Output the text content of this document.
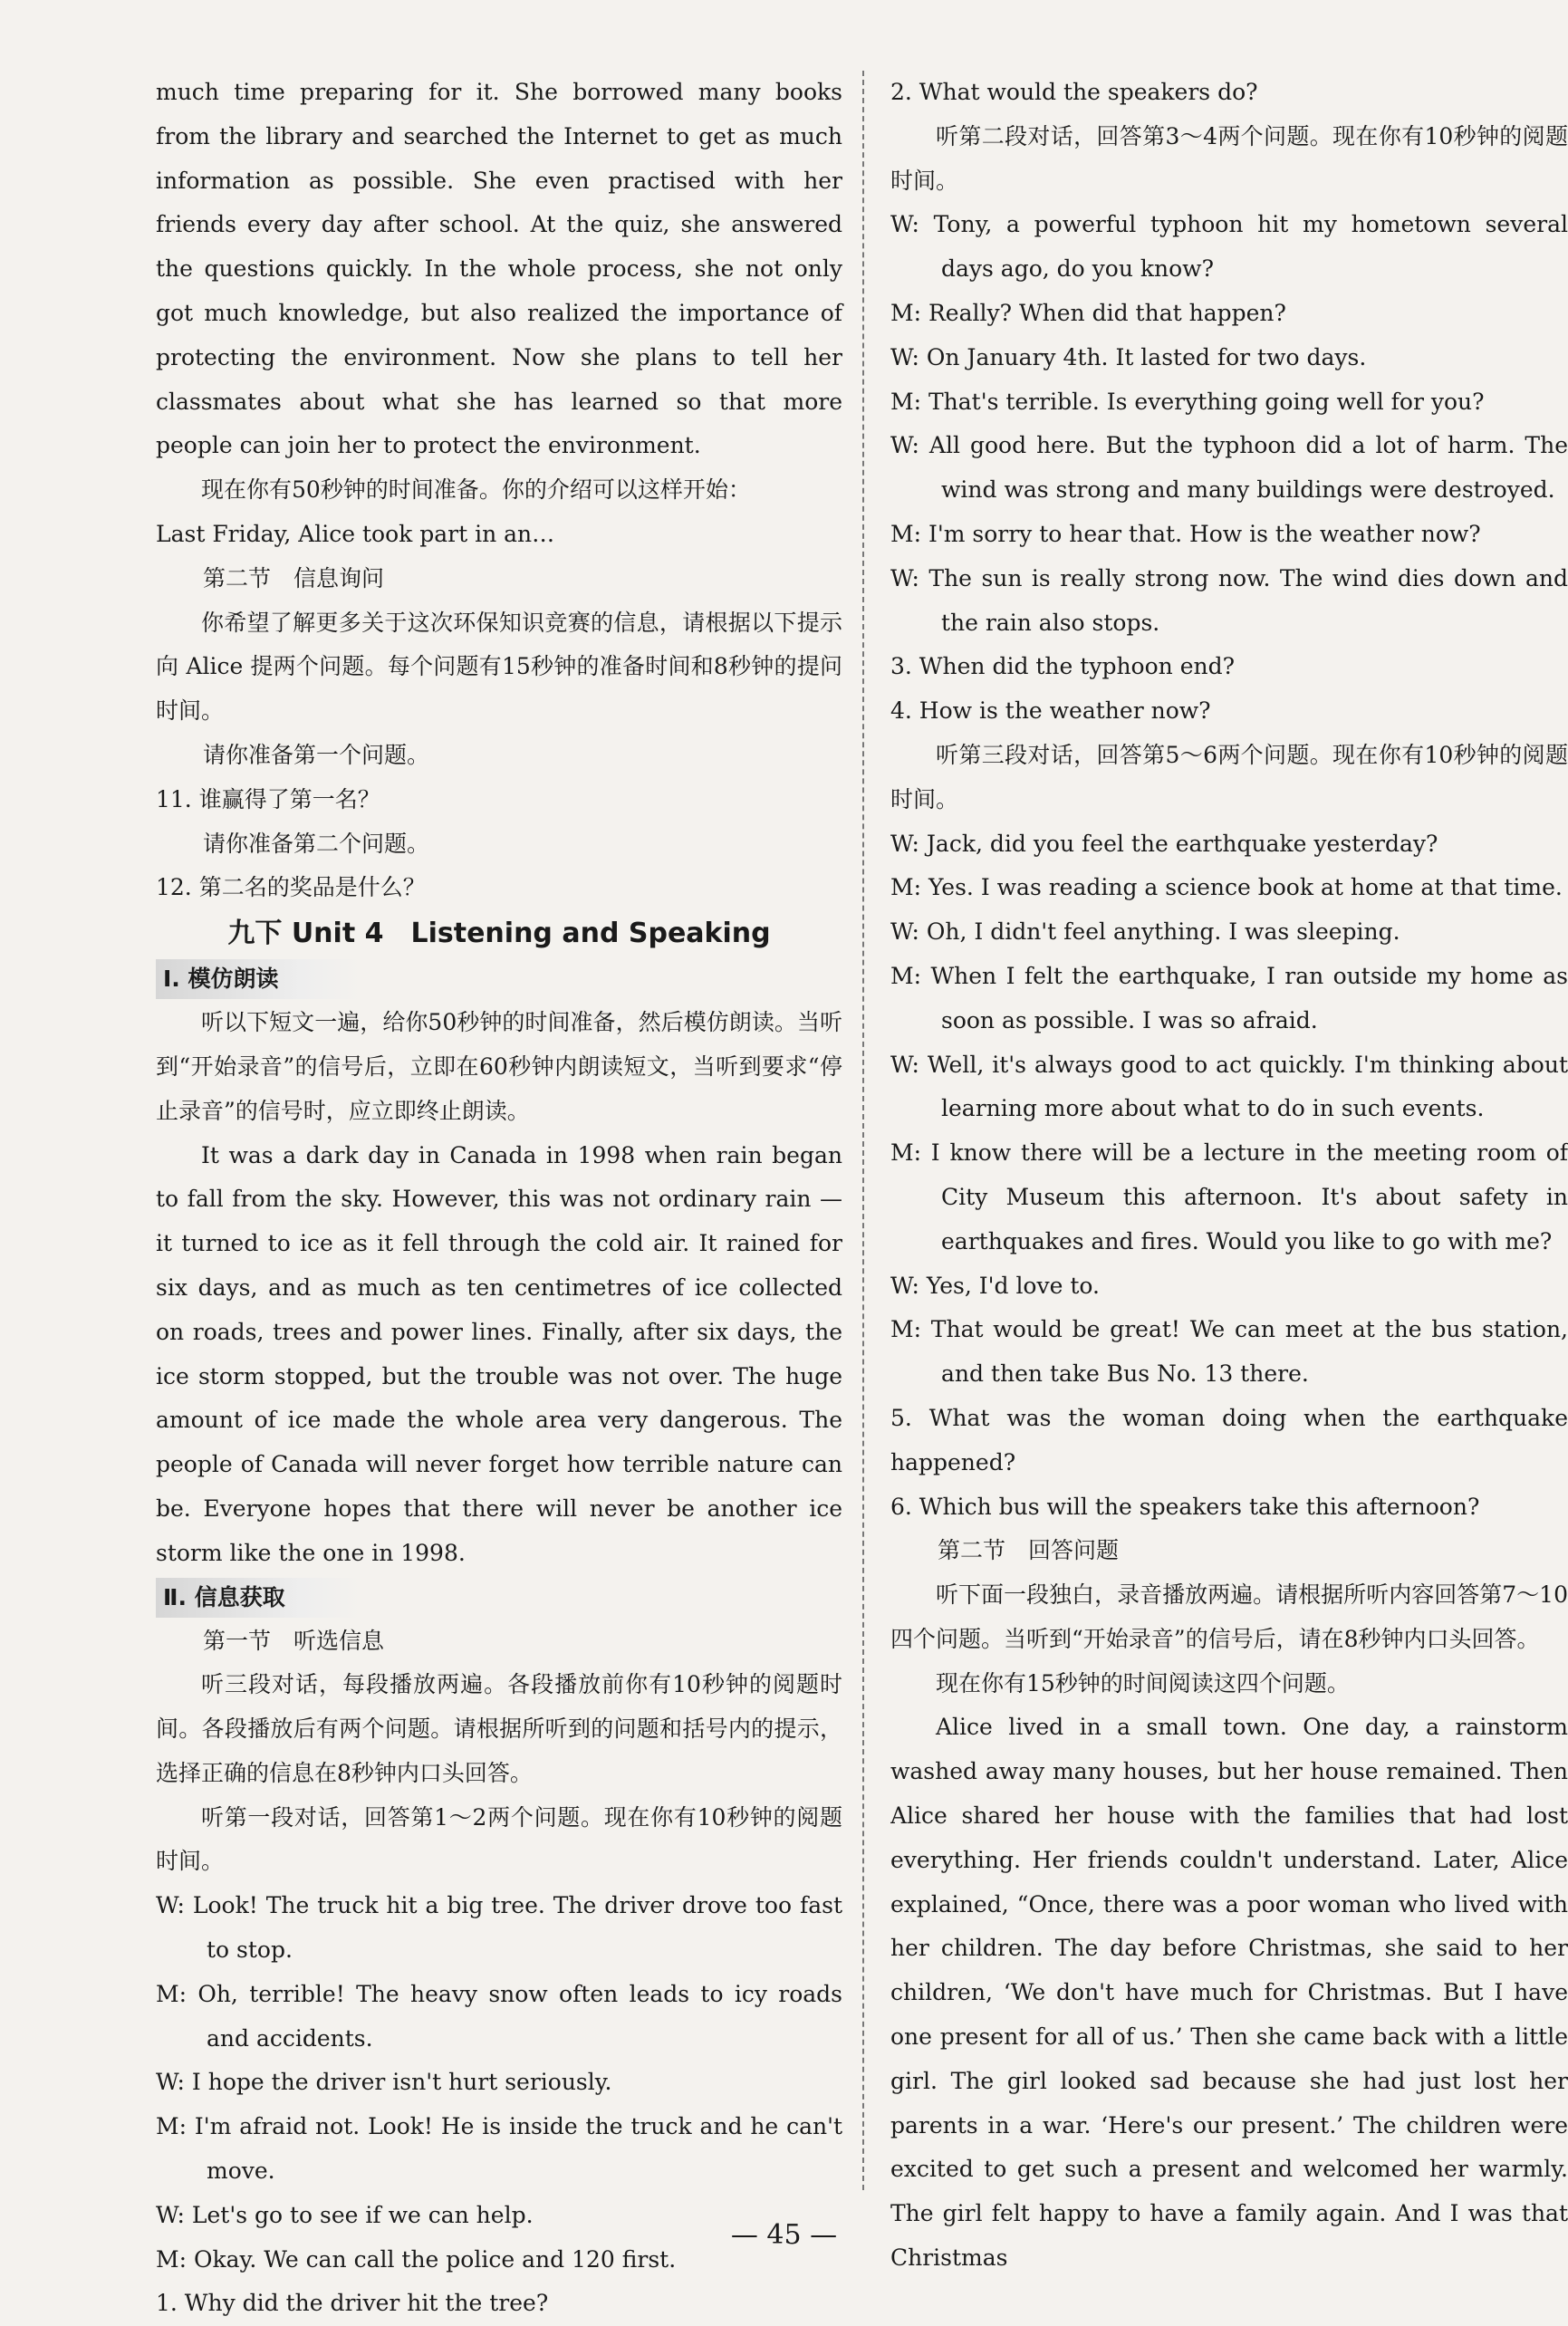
much time preparing for it. She borrowed many books from the library and searched the Internet to get as much information as possible. She even practised with her friends every day after school. At the quiz, she answered the questions quickly. In the whole process, she not only got much knowledge, but also realized the importance of protecting the environment. Now she plans to tell her classmates about what she has learned so that more people can join her to protect the environment.

现在你有50秒钟的时间准备。你的介绍可以这样开始：

Last Friday, Alice took part in an…

第二节　信息询问

你希望了解更多关于这次环保知识竞赛的信息，请根据以下提示向 Alice 提两个问题。每个问题有15秒钟的准备时间和8秒钟的提问时间。

请你准备第一个问题。

11. 谁赢得了第一名？

请你准备第二个问题。

12. 第二名的奖品是什么？

九下 Unit 4　Listening and Speaking
Ⅰ. 模仿朗读

听以下短文一遍，给你50秒钟的时间准备，然后模仿朗读。当听到“开始录音”的信号后，立即在60秒钟内朗读短文，当听到要求“停止录音”的信号时，应立即终止朗读。

It was a dark day in Canada in 1998 when rain began to fall from the sky. However, this was not ordinary rain — it turned to ice as it fell through the cold air. It rained for six days, and as much as ten centimetres of ice collected on roads, trees and power lines. Finally, after six days, the ice storm stopped, but the trouble was not over. The huge amount of ice made the whole area very dangerous. The people of Canada will never forget how terrible nature can be. Everyone hopes that there will never be another ice storm like the one in 1998.

Ⅱ. 信息获取

第一节　听选信息

听三段对话，每段播放两遍。各段播放前你有10秒钟的阅题时间。各段播放后有两个问题。请根据所听到的问题和括号内的提示，选择正确的信息在8秒钟内口头回答。

听第一段对话，回答第1～2两个问题。现在你有10秒钟的阅题时间。

W: Look! The truck hit a big tree. The driver drove too fast to stop.

M: Oh, terrible! The heavy snow often leads to icy roads and accidents.

W: I hope the driver isn't hurt seriously.

M: I'm afraid not. Look! He is inside the truck and he can't move.

W: Let's go to see if we can help.

M: Okay. We can call the police and 120 first.

1. Why did the driver hit the tree?

2. What would the speakers do?

听第二段对话，回答第3～4两个问题。现在你有10秒钟的阅题时间。

W: Tony, a powerful typhoon hit my hometown several days ago, do you know?

M: Really? When did that happen?

W: On January 4th. It lasted for two days.

M: That's terrible. Is everything going well for you?

W: All good here. But the typhoon did a lot of harm. The wind was strong and many buildings were destroyed.

M: I'm sorry to hear that. How is the weather now?

W: The sun is really strong now. The wind dies down and the rain also stops.

3. When did the typhoon end?

4. How is the weather now?

听第三段对话，回答第5～6两个问题。现在你有10秒钟的阅题时间。

W: Jack, did you feel the earthquake yesterday?

M: Yes. I was reading a science book at home at that time.

W: Oh, I didn't feel anything. I was sleeping.

M: When I felt the earthquake, I ran outside my home as soon as possible. I was so afraid.

W: Well, it's always good to act quickly. I'm thinking about learning more about what to do in such events.

M: I know there will be a lecture in the meeting room of City Museum this afternoon. It's about safety in earthquakes and fires. Would you like to go with me?

W: Yes, I'd love to.

M: That would be great! We can meet at the bus station, and then take Bus No. 13 there.

5. What was the woman doing when the earthquake happened?

6. Which bus will the speakers take this afternoon?

第二节　回答问题

听下面一段独白，录音播放两遍。请根据所听内容回答第7～10四个问题。当听到“开始录音”的信号后，请在8秒钟内口头回答。

现在你有15秒钟的时间阅读这四个问题。

Alice lived in a small town. One day, a rainstorm washed away many houses, but her house remained. Then Alice shared her house with the families that had lost everything. Her friends couldn't understand. Later, Alice explained, “Once, there was a poor woman who lived with her children. The day before Christmas, she said to her children, ‘We don't have much for Christmas. But I have one present for all of us.’ Then she came back with a little girl. The girl looked sad because she had just lost her parents in a war. ‘Here's our present.’ The children were excited to get such a present and welcomed her warmly. The girl felt happy to have a family again. And I was that Christmas

— 45 —
